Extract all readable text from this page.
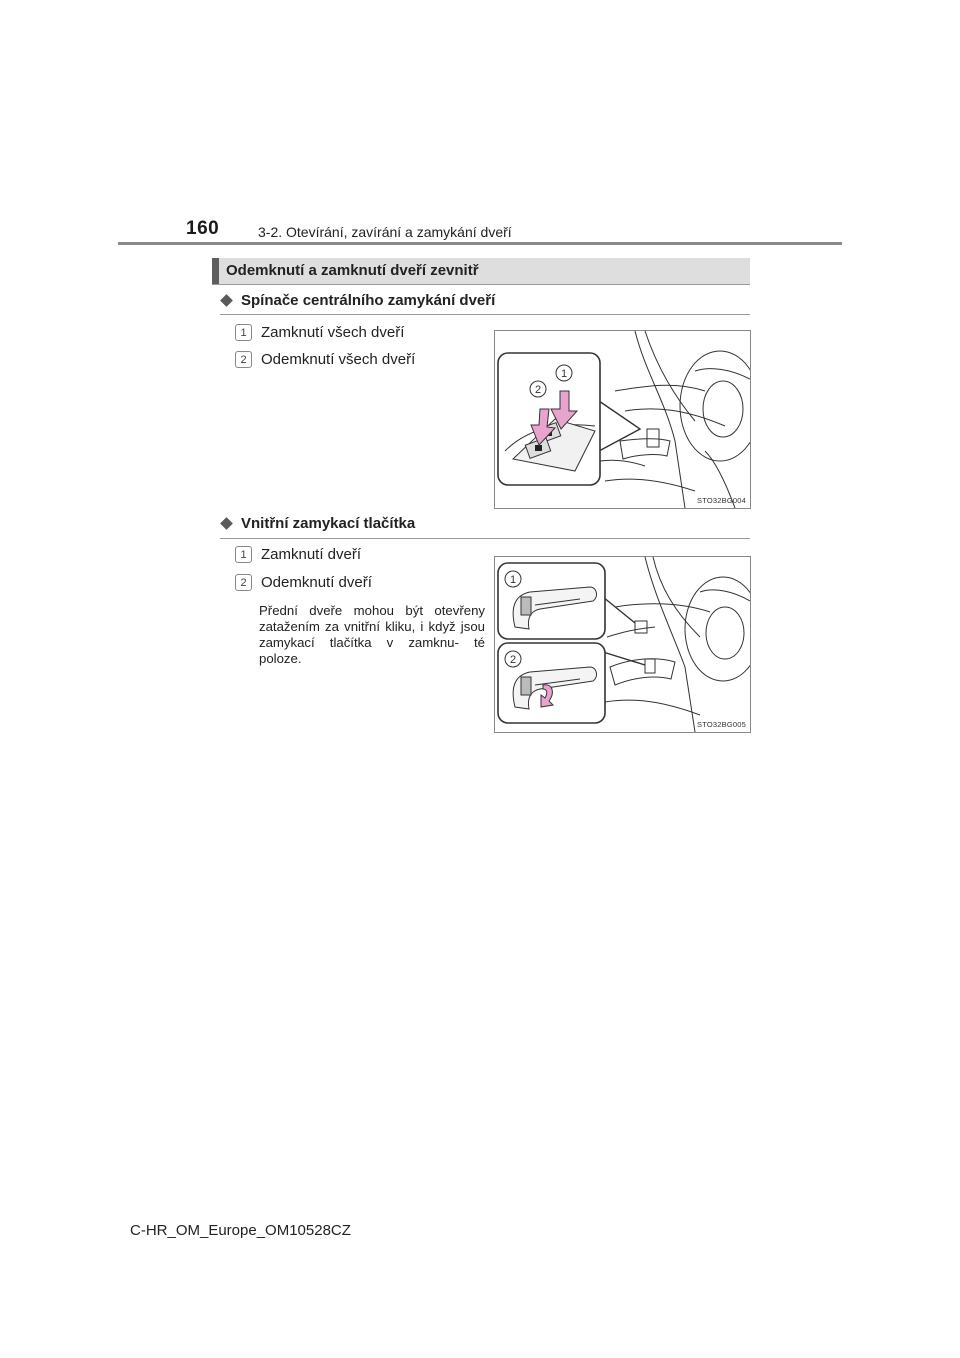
160	3-2. Otevírání, zavírání a zamykání dveří
Odemknutí a zamknutí dveří zevnitř
Spínače centrálního zamykání dveří
1 Zamknutí všech dveří
2 Odemknutí všech dveří
1
2
STO32BG004
Vnitřní zamykací tlačítka
1 Zamknutí dveří
2 Odemknutí dveří
Přední dveře mohou být otevřeny zatažením za vnitřní kliku, i když jsou zamykací tlačítka v zamknu- té poloze.
1
2
STO32BG005
C-HR_OM_Europe_OM10528CZ
